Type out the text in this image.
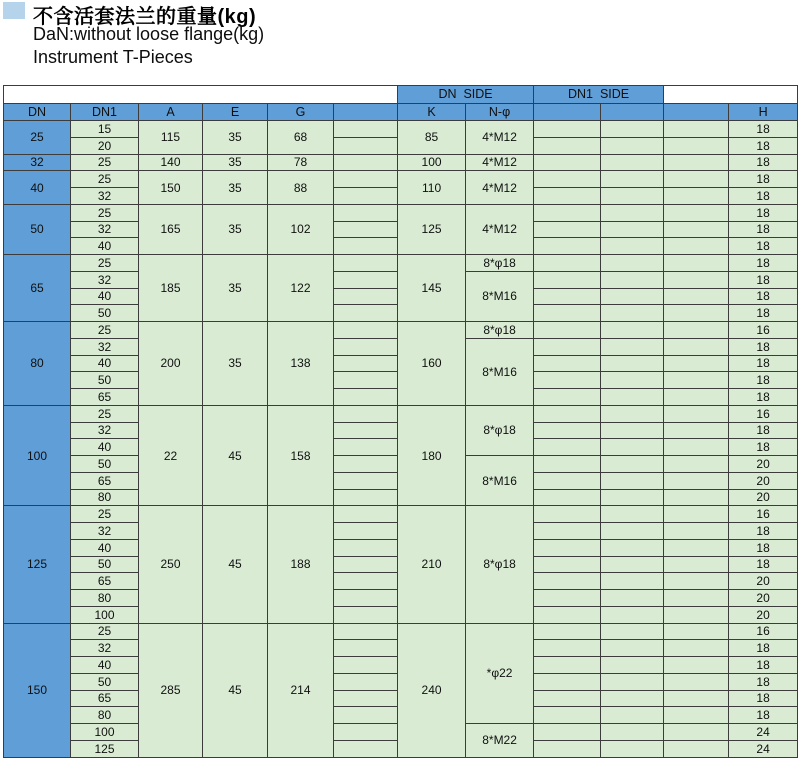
不含活套法兰的重量(kg)
DaN:without loose flange(kg)
Instrument T-Pieces
						DN  SIDE		DN1  SIDE			
DN	DN1	A	E	G		K	N-φ				H
25	15	115	35	68		85	4*M12				18
	20										18
32	25	140	35	78		100	4*M12				18
40	25	150	35	88		110	4*M12				18
	32										18
50	25	165	35	102		125	4*M12				18
	32										18
	40										18
65	25	185	35	122		145	8*φ18				18
	32						8*M16				18
	40										18
	50										18
80	25	200	35	138		160	8*φ18				16
	32						8*M16				18
	40										18
	50										18
	65										18
100	25	22	45	158		180	8*φ18				16
	32										18
	40										18
	50						8*M16				20
	65										20
	80										20
125	25	250	45	188		210	8*φ18				16
	32										18
	40										18
	50										18
	65										20
	80										20
	100										20
150	25	285	45	214		240	*φ22				16
	32										18
	40										18
	50										18
	65										18
	80										18
	100						8*M22				24
	125										24
